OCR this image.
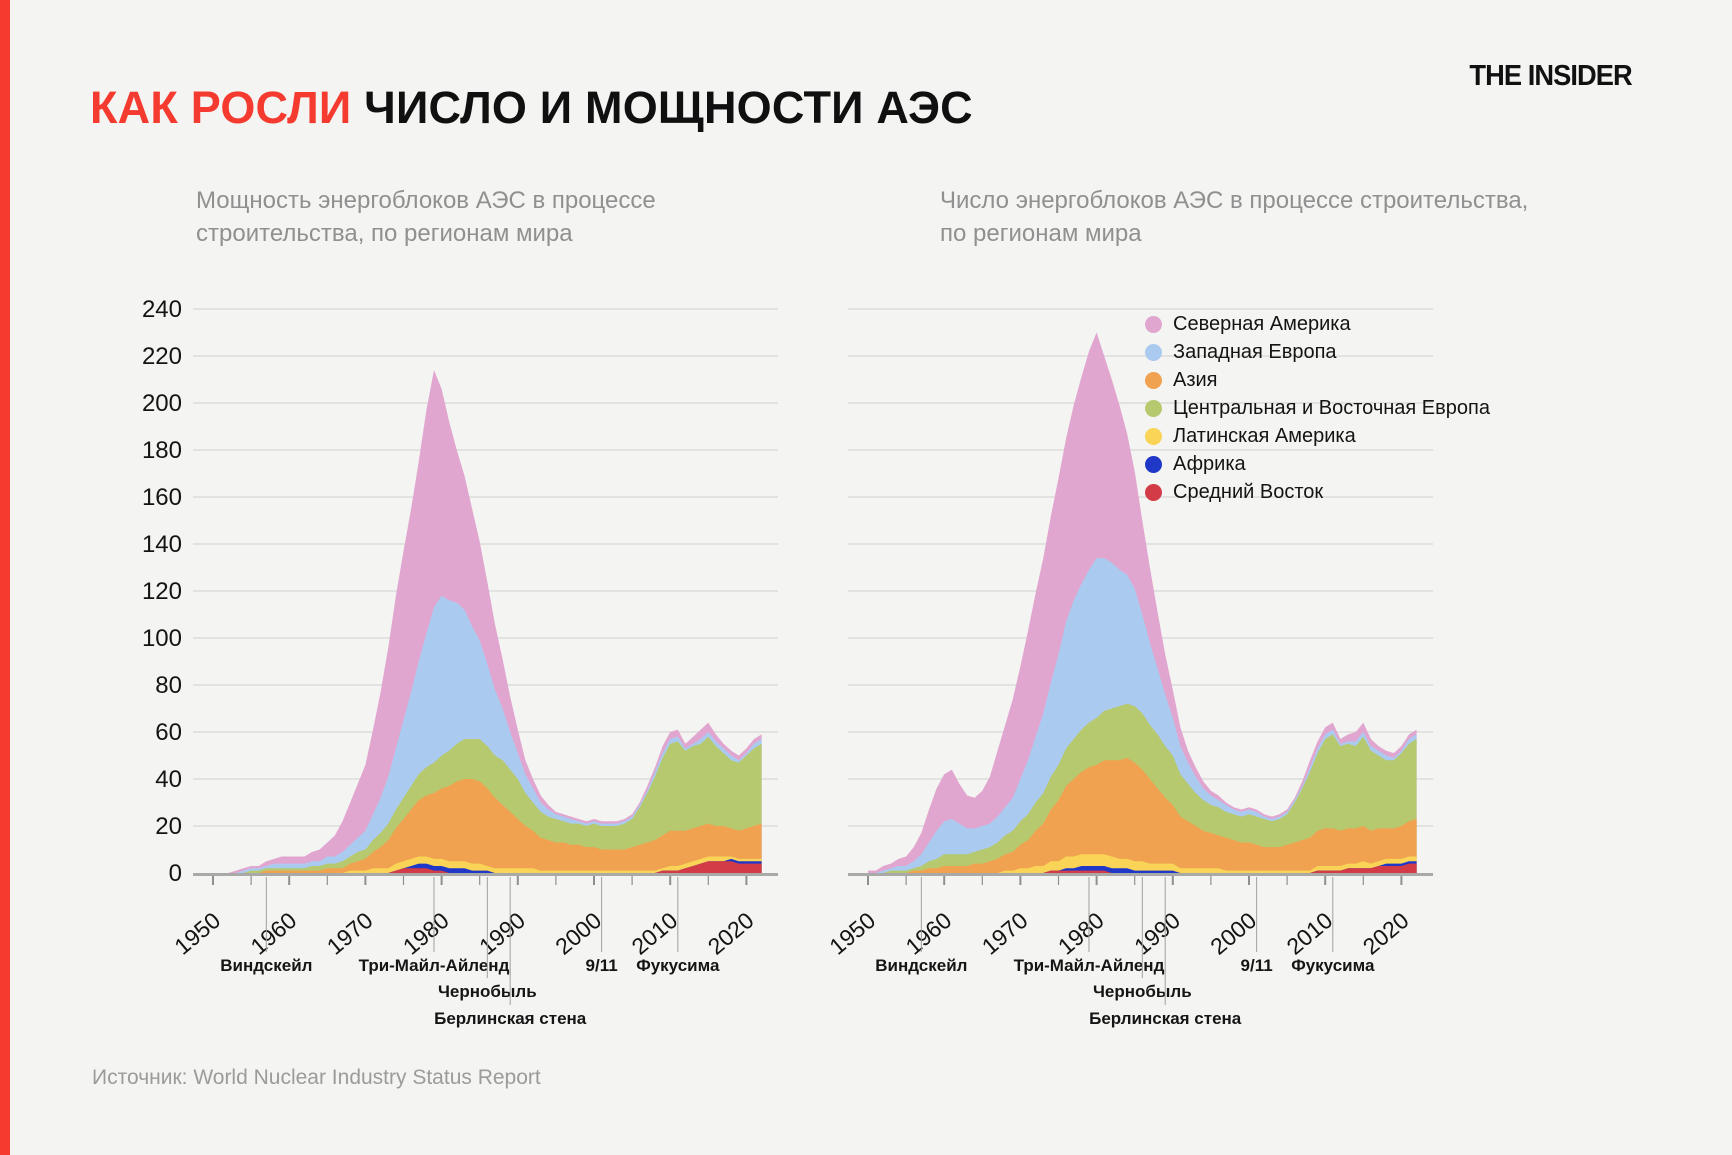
КАК РОСЛИ ЧИСЛО И МОЩНОСТИ АЭС
THE INSIDER
Мощность энергоблоков АЭС в процессе строительства, по регионам мира
Число энергоблоков АЭС в процессе строительства, по регионам мира
1950 1960 1970 1980 1990 2000 2010 2020
0
20
40
60
80
100
120
140
160
180
200
220
240
Виндскейл	Три-Майл-Айленд
Чернобыль
Берлинская стена
9/11 Фукусима
1950 1960 1970 1980 1990 2000 2010 2020
Виндскейл	Три-Майл-Айленд
Чернобыль
Берлинская стена
9/11 Фукусима
Северная Америка
Западная Европа
Азия
Центральная и Восточная Европа
Латинская Америка
Африка
Средний Восток
Источник: World Nuclear Industry Status Report
